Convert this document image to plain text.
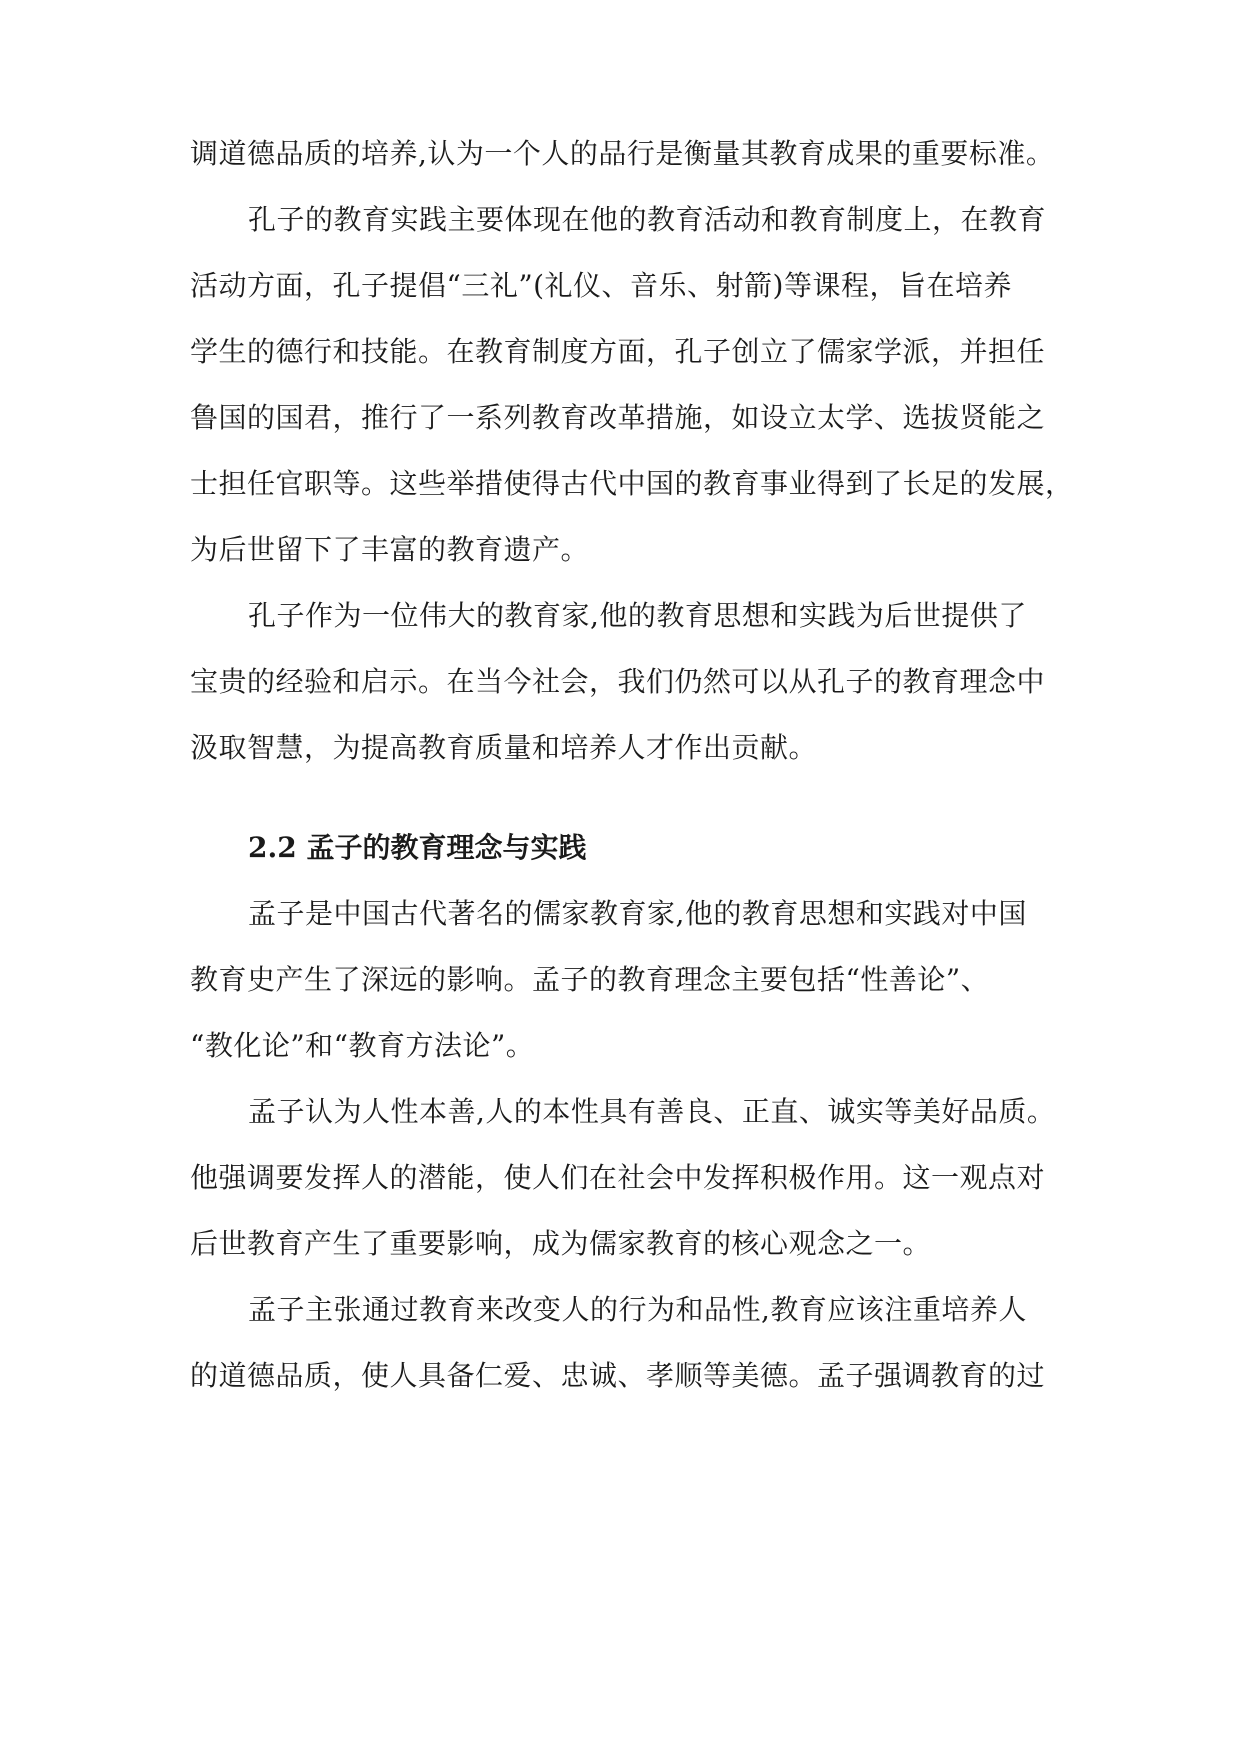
调道德品质的培养,认为一个人的品行是衡量其教育成果的重要标准。
孔子的教育实践主要体现在他的教育活动和教育制度上，在教育
活动方面，孔子提倡“三礼”(礼仪、音乐、射箭)等课程，旨在培养
学生的德行和技能。在教育制度方面，孔子创立了儒家学派，并担任
鲁国的国君，推行了一系列教育改革措施，如设立太学、选拔贤能之
士担任官职等。这些举措使得古代中国的教育事业得到了长足的发展，
为后世留下了丰富的教育遗产。
孔子作为一位伟大的教育家,他的教育思想和实践为后世提供了
宝贵的经验和启示。在当今社会，我们仍然可以从孔子的教育理念中
汲取智慧，为提高教育质量和培养人才作出贡献。
2.2 孟子的教育理念与实践
孟子是中国古代著名的儒家教育家,他的教育思想和实践对中国
教育史产生了深远的影响。孟子的教育理念主要包括“性善论”、
“教化论”和“教育方法论”。
孟子认为人性本善,人的本性具有善良、正直、诚实等美好品质。
他强调要发挥人的潜能，使人们在社会中发挥积极作用。这一观点对
后世教育产生了重要影响，成为儒家教育的核心观念之一。
孟子主张通过教育来改变人的行为和品性,教育应该注重培养人
的道德品质，使人具备仁爱、忠诚、孝顺等美德。孟子强调教育的过
